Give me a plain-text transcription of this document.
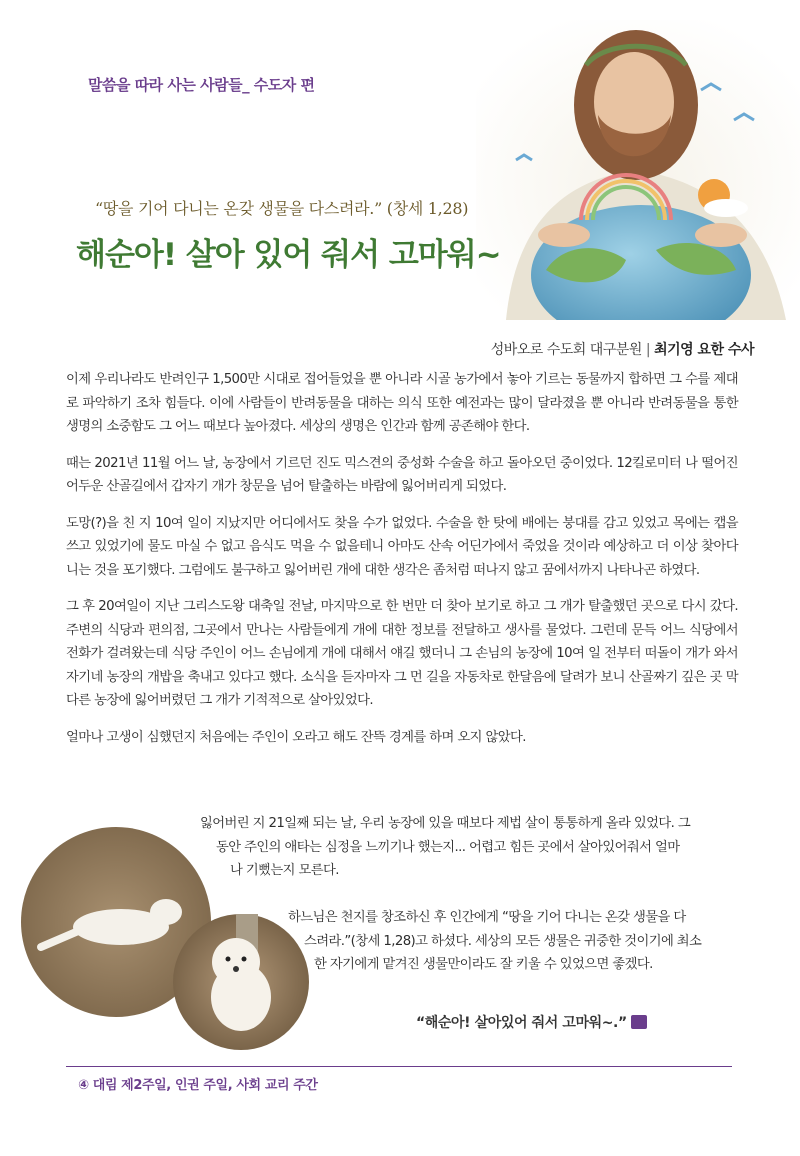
말씀을 따라 사는 사람들_ 수도자 편
“땅을 기어 다니는 온갖 생물을 다스려라.” (창세 1,28)
해순아! 살아 있어 줘서 고마워~
성바오로 수도회 대구분원 | 최기영 요한 수사

이제 우리나라도 반려인구 1,500만 시대로 접어들었을 뿐 아니라 시골 농가에서 놓아 기르는 동물까지 합하면 그 수를 제대로 파악하기 조차 힘들다. 이에 사람들이 반려동물을 대하는 의식 또한 예전과는 많이 달라졌을 뿐 아니라 반려동물을 통한 생명의 소중함도 그 어느 때보다 높아졌다. 세상의 생명은 인간과 함께 공존해야 한다.

때는 2021년 11월 어느 날, 농장에서 기르던 진도 믹스견의 중성화 수술을 하고 돌아오던 중이었다. 12킬로미터 나 떨어진 어두운 산골길에서 갑자기 개가 창문을 넘어 탈출하는 바람에 잃어버리게 되었다.

도망(?)을 친 지 10여 일이 지났지만 어디에서도 찾을 수가 없었다. 수술을 한 탓에 배에는 붕대를 감고 있었고 목에는 캡을 쓰고 있었기에 물도 마실 수 없고 음식도 먹을 수 없을테니 아마도 산속 어딘가에서 죽었을 것이라 예상하고 더 이상 찾아다니는 것을 포기했다. 그럼에도 불구하고 잃어버린 개에 대한 생각은 좀처럼 떠나지 않고 꿈에서까지 나타나곤 하였다.

그 후 20여일이 지난 그리스도왕 대축일 전날, 마지막으로 한 번만 더 찾아 보기로 하고 그 개가 탈출했던 곳으로 다시 갔다. 주변의 식당과 편의점, 그곳에서 만나는 사람들에게 개에 대한 정보를 전달하고 생사를 물었다. 그런데 문득 어느 식당에서 전화가 걸려왔는데 식당 주인이 어느 손님에게 개에 대해서 얘길 했더니 그 손님의 농장에 10여 일 전부터 떠돌이 개가 와서 자기네 농장의 개밥을 축내고 있다고 했다. 소식을 듣자마자 그 먼 길을 자동차로 한달음에 달려가 보니 산골짜기 깊은 곳 막다른 농장에 잃어버렸던 그 개가 기적적으로 살아있었다.

얼마나 고생이 심했던지 처음에는 주인이 오라고 해도 잔뜩 경계를 하며 오지 않았다.

잃어버린 지 21일째 되는 날, 우리 농장에 있을 때보다 제법 살이 통통하게 올라 있었다. 그
동안 주인의 애타는 심정을 느끼기나 했는지... 어렵고 힘든 곳에서 살아있어줘서 얼마
나 기뻤는지 모른다.
하느님은 천지를 창조하신 후 인간에게 “땅을 기어 다니는 온갖 생물을 다
스려라.”(창세 1,28)고 하셨다. 세상의 모든 생물은 귀중한 것이기에 최소
한 자기에게 맡겨진 생물만이라도 잘 키울 수 있었으면 좋겠다.
“해순아! 살아있어 줘서 고마워~.”
④ 대림 제2주일, 인권 주일, 사회 교리 주간
